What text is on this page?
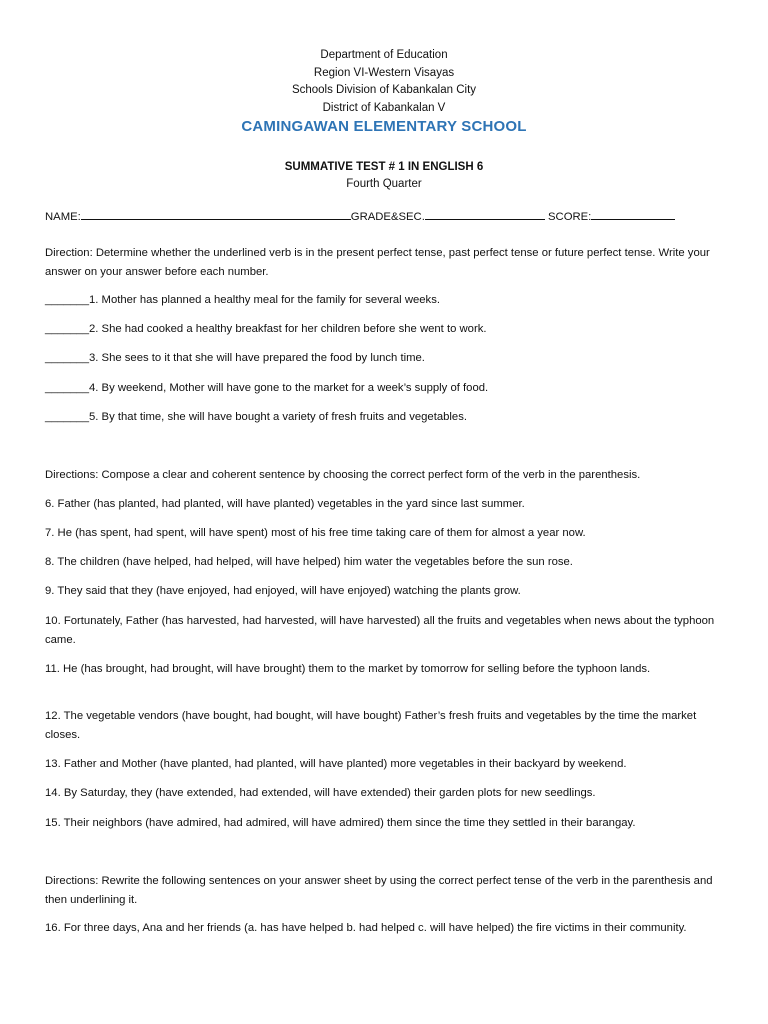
Department of Education
Region VI-Western Visayas
Schools Division of Kabankalan City
District of Kabankalan V
CAMINGAWAN ELEMENTARY SCHOOL
SUMMATIVE TEST # 1 IN ENGLISH 6
Fourth Quarter
NAME:	GRADE&SEC.	SCORE:
Direction: Determine whether the underlined verb is in the present perfect tense, past perfect tense or future perfect tense. Write your answer on your answer before each number.
_______1. Mother has planned a healthy meal for the family for several weeks.
_______2. She had cooked a healthy breakfast for her children before she went to work.
_______3. She sees to it that she will have prepared the food by lunch time.
_______4. By weekend, Mother will have gone to the market for a week’s supply of food.
_______5. By that time, she will have bought a variety of fresh fruits and vegetables.
Directions: Compose a clear and coherent sentence by choosing the correct perfect form of the verb in the parenthesis.
6. Father (has planted, had planted, will have planted) vegetables in the yard since last summer.
7. He (has spent, had spent, will have spent) most of his free time taking care of them for almost a year now.
8. The children (have helped, had helped, will have helped) him water the vegetables before the sun rose.
9. They said that they (have enjoyed, had enjoyed, will have enjoyed) watching the plants grow.
10. Fortunately, Father (has harvested, had harvested, will have harvested) all the fruits and vegetables when news about the typhoon came.
11. He (has brought, had brought, will have brought) them to the market by tomorrow for selling before the typhoon lands.
12. The vegetable vendors (have bought, had bought, will have bought) Father’s fresh fruits and vegetables by the time the market closes.
13. Father and Mother (have planted, had planted, will have planted) more vegetables in their backyard by weekend.
14. By Saturday, they (have extended, had extended, will have extended) their garden plots for new seedlings.
15. Their neighbors (have admired, had admired, will have admired) them since the time they settled in their barangay.
Directions: Rewrite the following sentences on your answer sheet by using the correct perfect tense of the verb in the parenthesis and then underlining it.
16. For three days, Ana and her friends (a. has have helped b. had helped c. will have helped) the fire victims in their community.
